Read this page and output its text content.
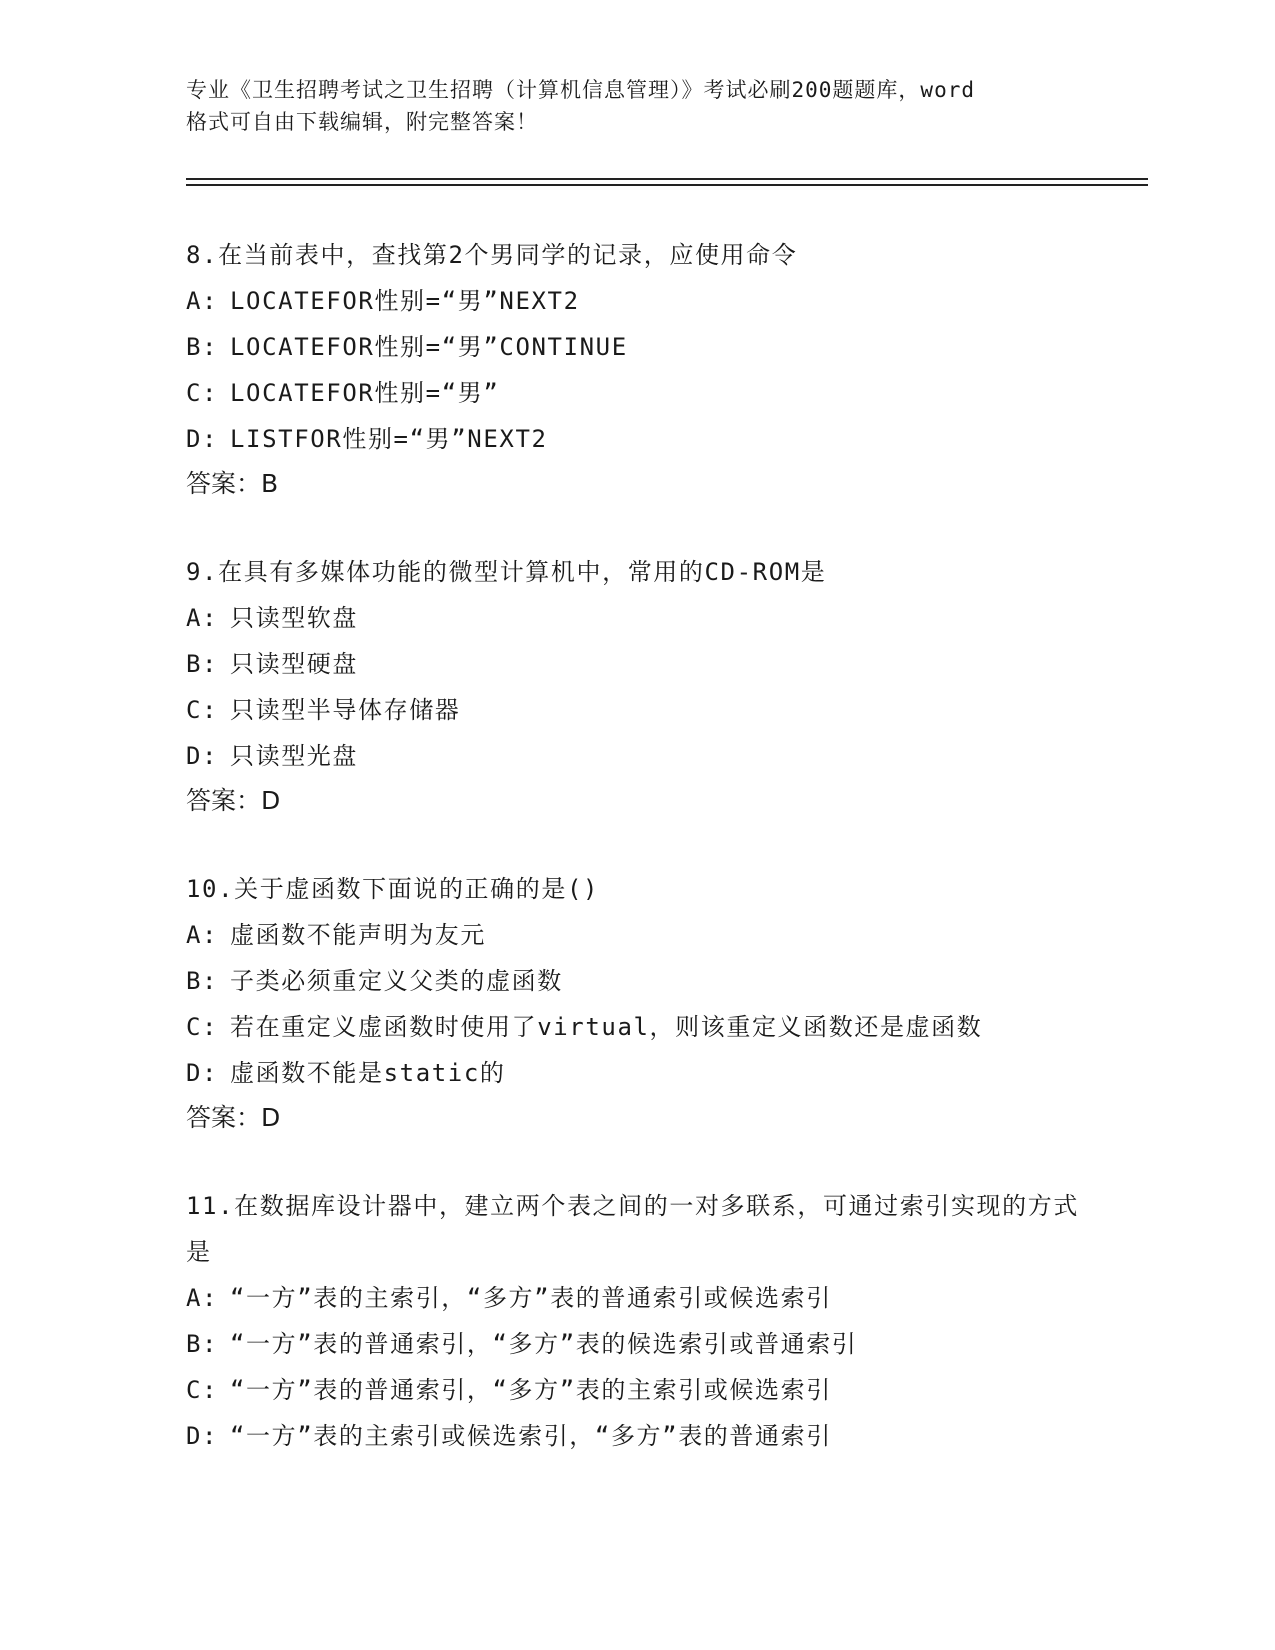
专业《卫生招聘考试之卫生招聘（计算机信息管理）》考试必刷200题题库，word
格式可自由下载编辑，附完整答案！
8.在当前表中，查找第2个男同学的记录，应使用命令
A: LOCATEFOR性别=“男”NEXT2
B: LOCATEFOR性别=“男”CONTINUE
C: LOCATEFOR性别=“男”
D: LISTFOR性别=“男”NEXT2
答案：B
9.在具有多媒体功能的微型计算机中，常用的CD-ROM是
A: 只读型软盘
B: 只读型硬盘
C: 只读型半导体存储器
D: 只读型光盘
答案：D
10.关于虚函数下面说的正确的是()
A: 虚函数不能声明为友元
B: 子类必须重定义父类的虚函数
C: 若在重定义虚函数时使用了virtual，则该重定义函数还是虚函数
D: 虚函数不能是static的
答案：D
11.在数据库设计器中，建立两个表之间的一对多联系，可通过索引实现的方式是
A: “一方”表的主索引，“多方”表的普通索引或候选索引
B: “一方”表的普通索引，“多方”表的候选索引或普通索引
C: “一方”表的普通索引，“多方”表的主索引或候选索引
D: “一方”表的主索引或候选索引，“多方”表的普通索引
